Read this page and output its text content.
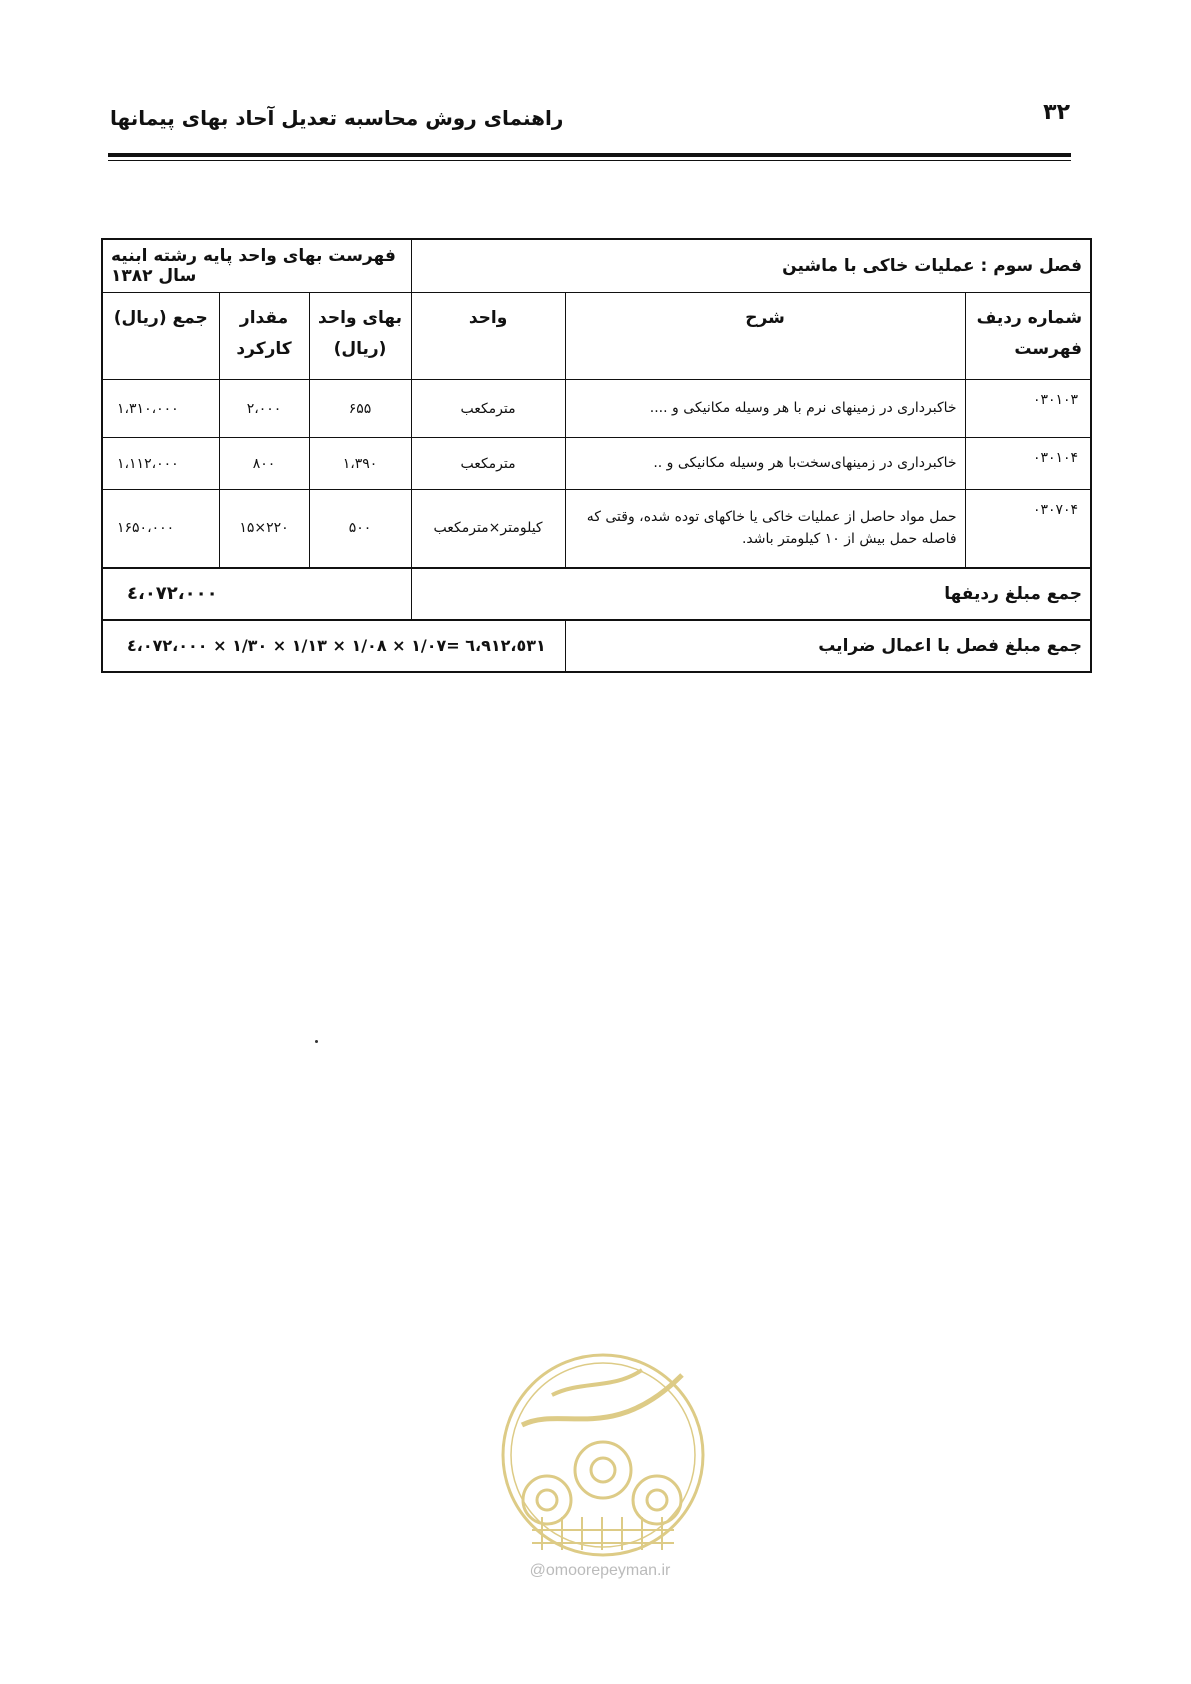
۳۲
راهنمای روش محاسبه تعدیل آحاد بهای پیمانها
فصل سوم : عملیات خاکی با ماشین			فهرست بهای واحد پایه رشته ابنیه سال ۱۳۸۲		
شماره ردیف فهرست	شرح	واحد	بهای واحد (ریال)	مقدار کارکرد	جمع (ریال)
۰۳۰۱۰۳	خاکبرداری در زمینهای نرم با هر وسیله مکانیکی و ....	مترمکعب	۶۵۵	۲،۰۰۰	۱،۳۱۰،۰۰۰
۰۳۰۱۰۴	خاکبرداری در زمینهای‌سخت‌با هر وسیله مکانیکی و ..	مترمکعب	۱،۳۹۰	۸۰۰	۱،۱۱۲،۰۰۰
۰۳۰۷۰۴	حمل مواد حاصل از عملیات خاکی یا خاکهای توده شده، وقتی که فاصله حمل بیش از ۱۰ کیلومتر باشد.	کیلومتر×مترمکعب	۵۰۰	۲۲۰×۱۵	۱۶۵۰،۰۰۰
جمع مبلغ ردیفها			٤،٠٧٢،٠٠٠		
جمع مبلغ فصل با اعمال ضرایب		٤،٠٧٢،٠٠٠ × ۱/۳۰ × ۱/۱۳ × ۱/۰۸ × ۱/۰۷= ٦،٩١٢،٥٣١			
@omoorepeyman.ir
